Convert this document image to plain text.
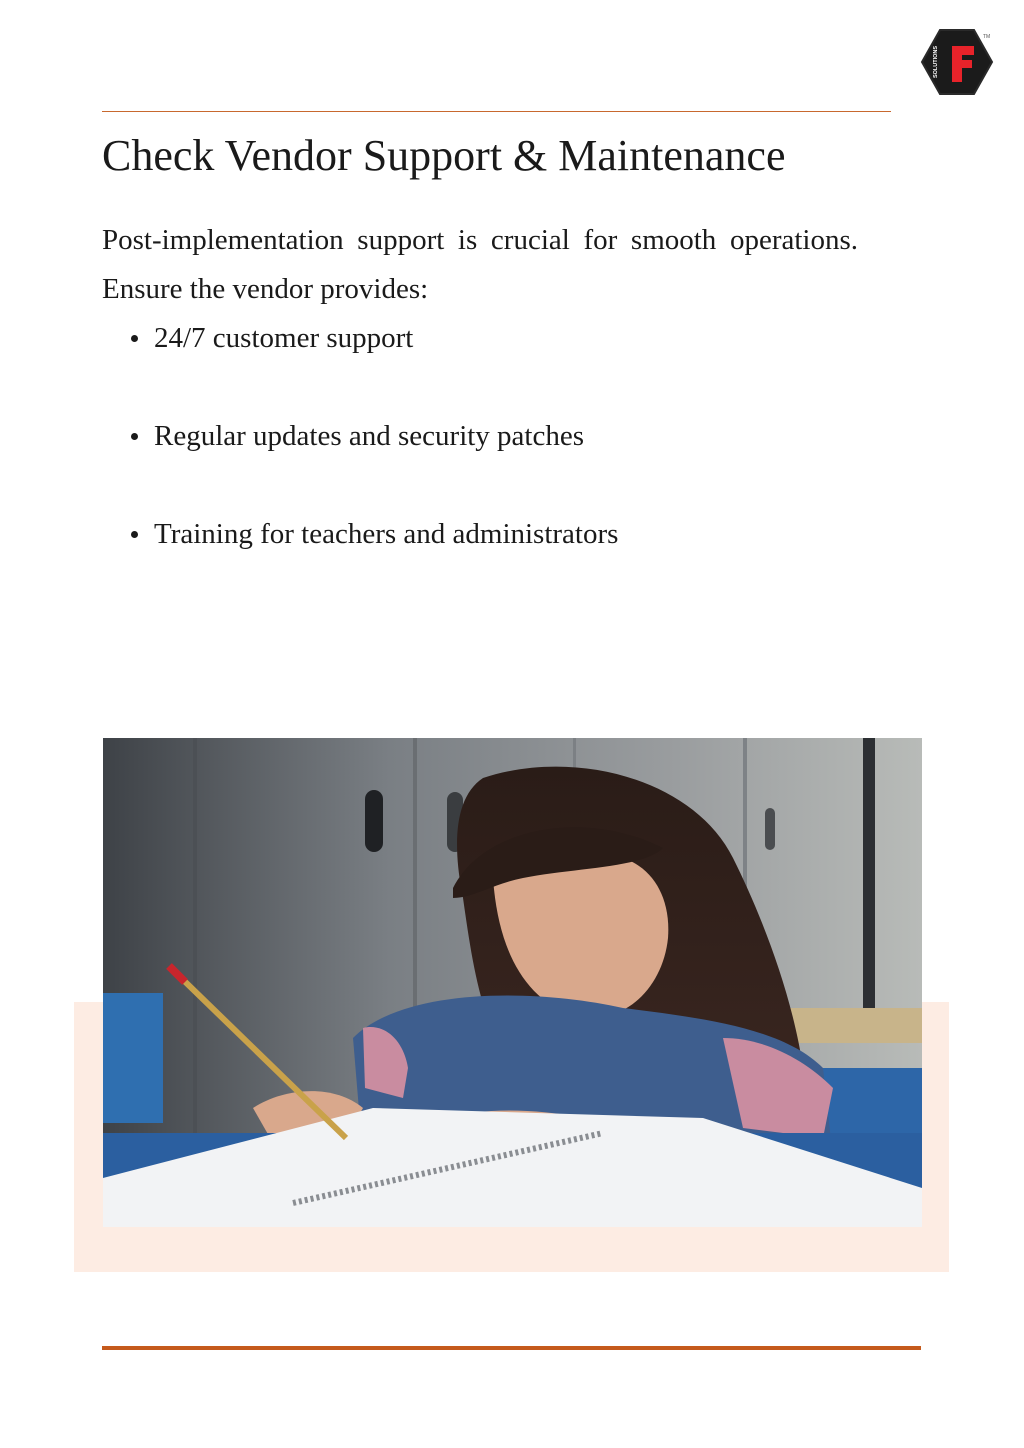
SOLUTIONS
TM
Check Vendor Support & Maintenance

Post-implementation support is crucial for smooth operations. Ensure the vendor provides:

24/7 customer support
Regular updates and security patches
Training for teachers and administrators
